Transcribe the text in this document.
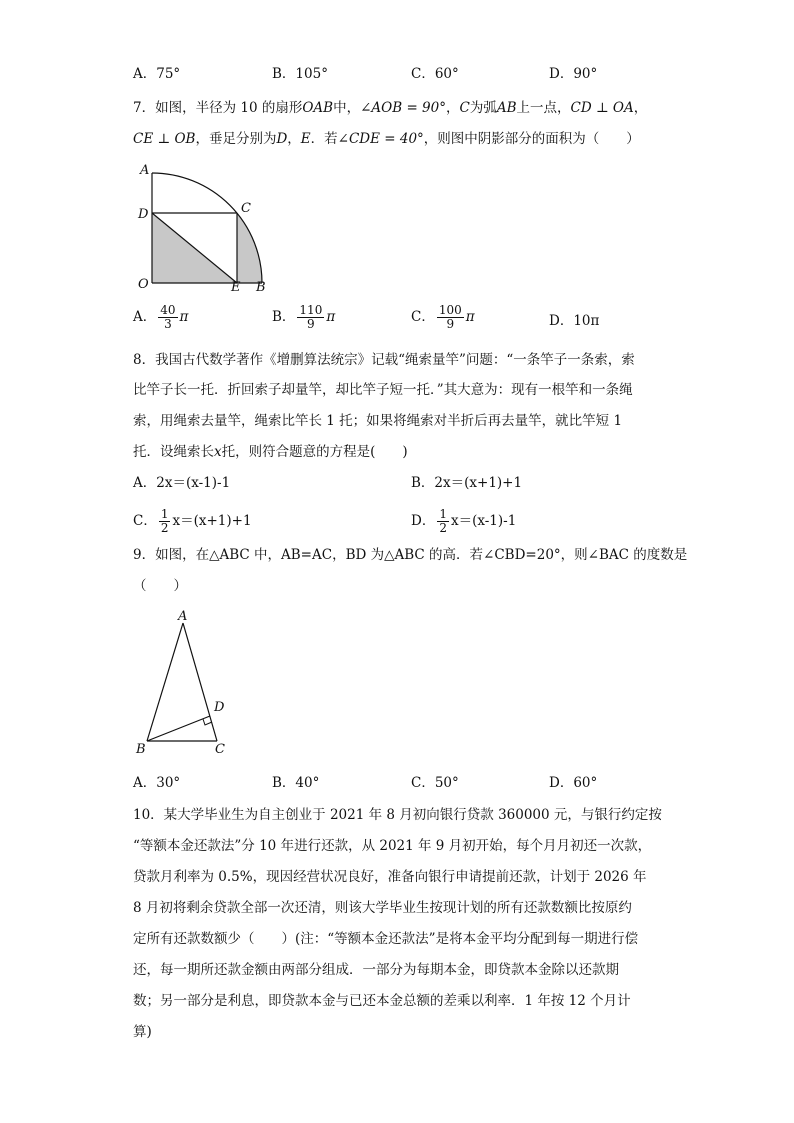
A．75°	B．105°	C．60°	D．90°
7．如图，半径为 10 的扇形OAB中，∠AOB = 90°，C为弧AB上一点，CD ⊥ OA，
CE ⊥ OB，垂足分别为D，E．若∠CDE = 40°，则图中阴影部分的面积为（　　）
A
D	C
O	E B
A． $\frac{40}{3}$ π	B． $\frac{110}{9}$ π	C． $\frac{100}{9}$ π	D．10π
8．我国古代数学著作《增删算法统宗》记载“绳索量竿”问题：“一条竿子一条索，索
比竿子长一托．折回索子却量竿，却比竿子短一托．”其大意为：现有一根竿和一条绳
索，用绳索去量竿，绳索比竿长 1 托；如果将绳索对半折后再去量竿，就比竿短 1
托．设绳索长x托，则符合题意的方程是(　　)
A．2x＝(x-1)-1	B．2x＝(x+1)+1
C． $\frac{1}{2} x=(x+1)+1$	D． $\frac{1}{2} x=(x-1)-1$
9．如图，在△ABC 中，AB=AC，BD 为△ABC 的高．若∠CBD=20°，则∠BAC 的度数是
（　　）
A
D
B	C
A．30°	B．40°	C．50°	D．60°
10．某大学毕业生为自主创业于 2021 年 8 月初向银行贷款 360000 元，与银行约定按
“等额本金还款法”分 10 年进行还款，从 2021 年 9 月初开始，每个月月初还一次款，
贷款月利率为 0.5%，现因经营状况良好，准备向银行申请提前还款，计划于 2026 年
8 月初将剩余贷款全部一次还清，则该大学毕业生按现计划的所有还款数额比按原约
定所有还款数额少（　　）(注：“等额本金还款法”是将本金平均分配到每一期进行偿
还，每一期所还款金额由两部分组成．一部分为每期本金，即贷款本金除以还款期
数；另一部分是利息，即贷款本金与已还本金总额的差乘以利率．1 年按 12 个月计
算)
